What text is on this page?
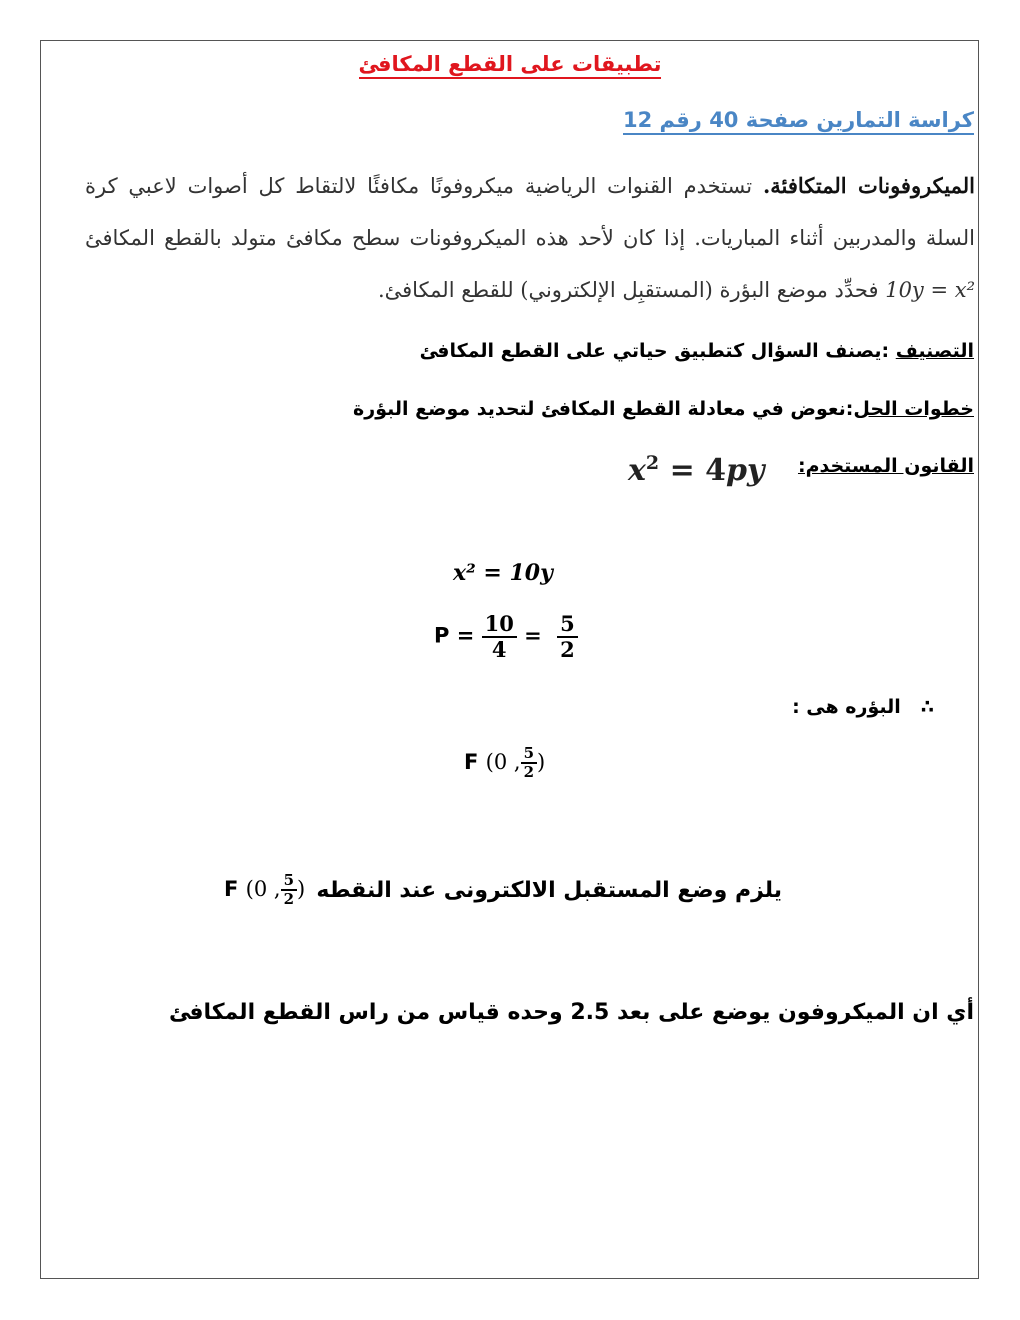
تطبيقات على القطع المكافئ
كراسة التمارين صفحة 40 رقم 12
الميكروفونات المتكافئة. تستخدم القنوات الرياضية ميكروفونًا مكافئًا لالتقاط كل أصوات لاعبي كرة السلة والمدربين أثناء المباريات. إذا كان لأحد هذه الميكروفونات سطح مكافئ متولد بالقطع المكافئ 10y = x² فحدِّد موضع البؤرة (المستقبِل الإلكتروني) للقطع المكافئ.
التصنيف :يصنف السؤال كتطبيق حياتي على القطع المكافئ
خطوات الحل:نعوض في معادلة القطع المكافئ لتحديد موضع البؤرة
القانون المستخدم:
$x^2 = 4py$
x² = 10y
$P = \frac{10}{4} = \frac{5}{2}$
∴البؤره هى :
F (0 , $\frac{5}{2}$ )
يلزم وضع المستقبل الالكترونى عند النقطه
F (0 , $\frac{5}{2}$ )
أي ان الميكروفون يوضع على بعد 2.5 وحده قياس من راس القطع المكافئ
